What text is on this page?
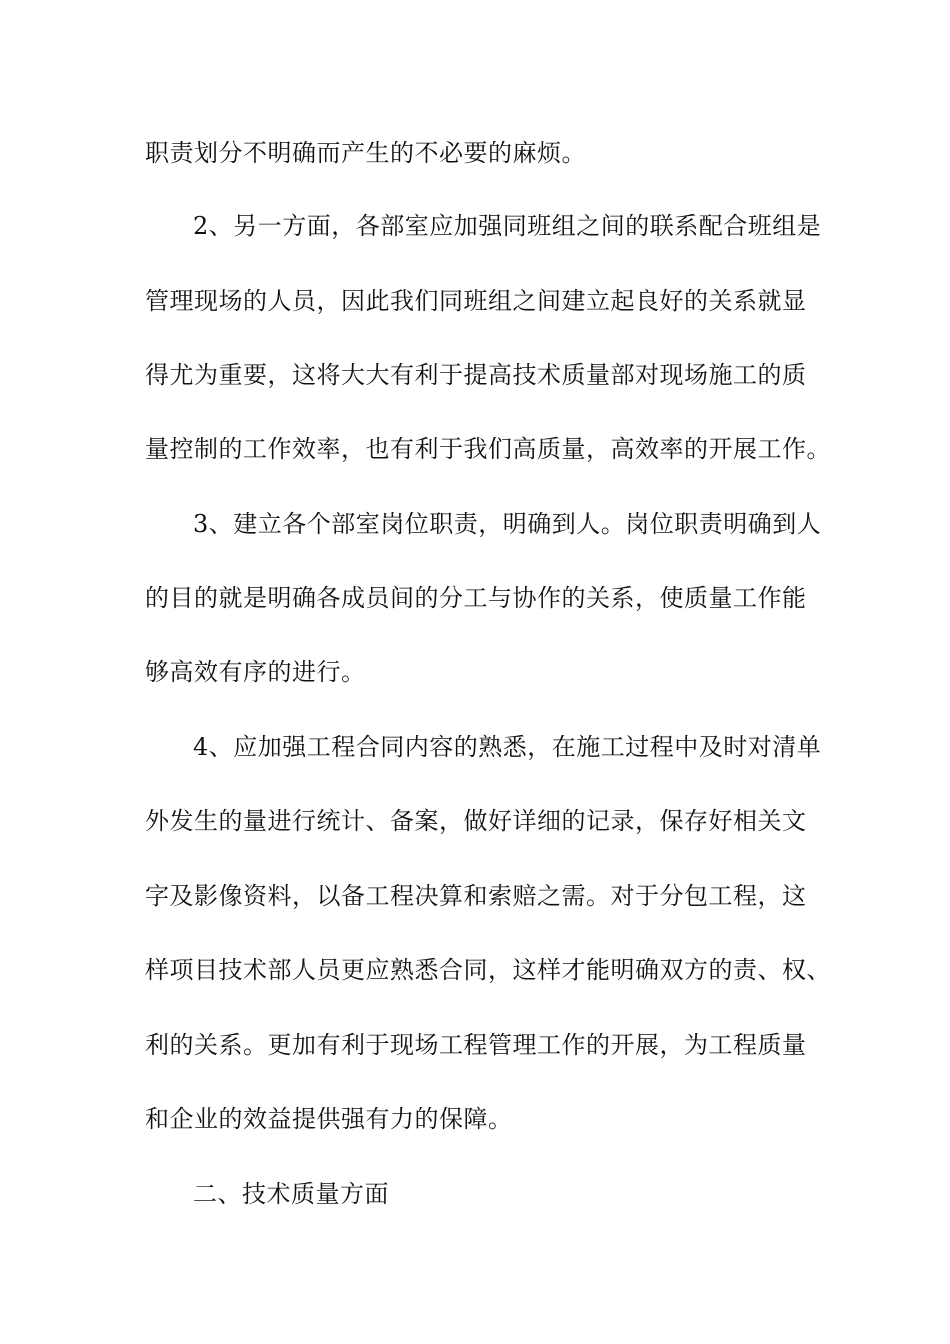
职责划分不明确而产生的不必要的麻烦。
2、另一方面，各部室应加强同班组之间的联系配合班组是
管理现场的人员，因此我们同班组之间建立起良好的关系就显
得尤为重要，这将大大有利于提高技术质量部对现场施工的质
量控制的工作效率，也有利于我们高质量，高效率的开展工作。
3、建立各个部室岗位职责，明确到人。岗位职责明确到人
的目的就是明确各成员间的分工与协作的关系，使质量工作能
够高效有序的进行。
4、应加强工程合同内容的熟悉，在施工过程中及时对清单
外发生的量进行统计、备案，做好详细的记录，保存好相关文
字及影像资料，以备工程决算和索赔之需。对于分包工程，这
样项目技术部人员更应熟悉合同，这样才能明确双方的责、权、
利的关系。更加有利于现场工程管理工作的开展，为工程质量
和企业的效益提供强有力的保障。
二、技术质量方面
